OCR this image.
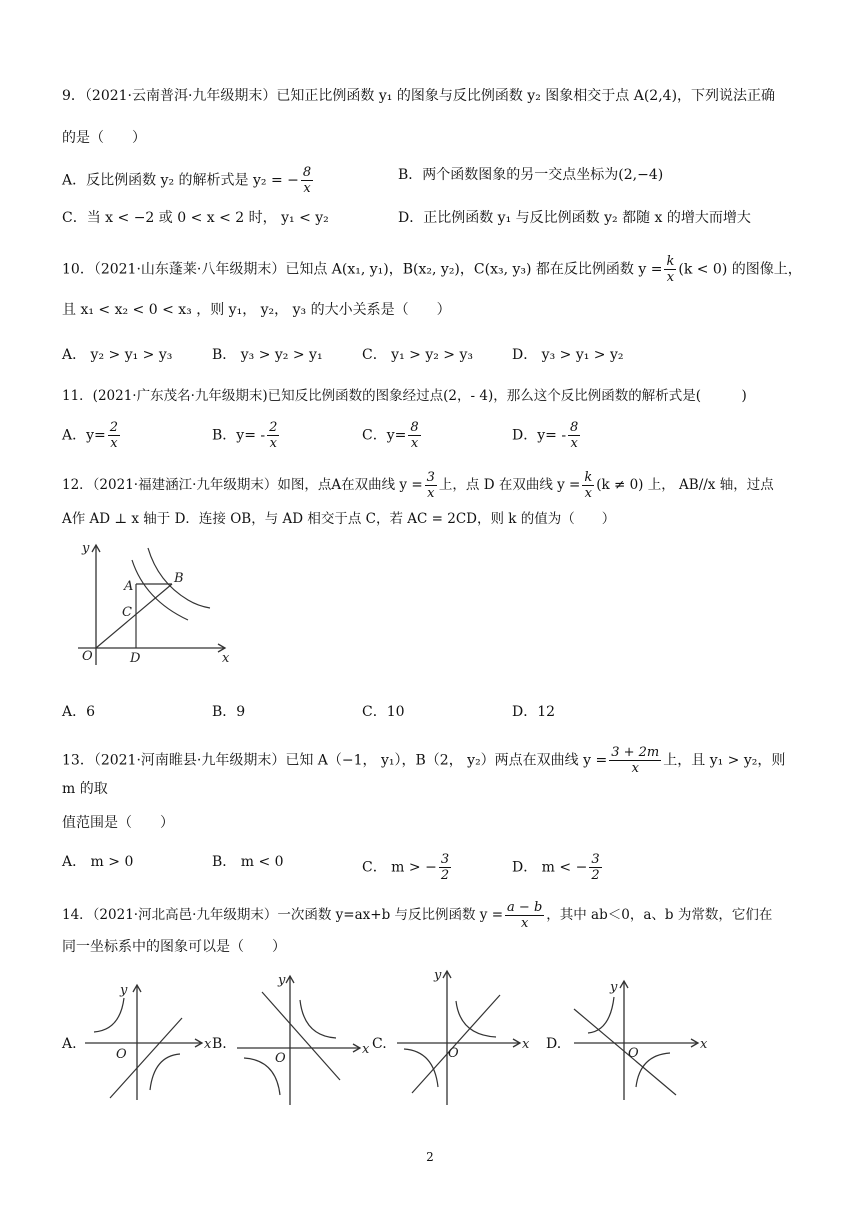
9．（2021·云南普洱·九年级期末）已知正比例函数 y₁ 的图象与反比例函数 y₂ 图象相交于点 A(2,4)，下列说法正确
的是（　　）
A．反比例函数 y₂ 的解析式是 y₂ = − $\frac{8}{x}$	B．两个函数图象的另一交点坐标为(2,−4)
C．当 x < −2 或 0 < x < 2 时， y₁ < y₂	D．正比例函数 y₁ 与反比例函数 y₂ 都随 x 的增大而增大
10．（2021·山东蓬莱·八年级期末）已知点 A(x₁, y₁)，B(x₂, y₂)，C(x₃, y₃) 都在反比例函数 $y = \frac{k}{x} (k < 0)$ 的图像上，
且 x₁ < x₂ < 0 < x₃ ，则 y₁， y₂， y₃ 的大小关系是（　　）
A． y₂ > y₁ > y₃	B． y₃ > y₂ > y₁	C． y₁ > y₂ > y₃	D． y₃ > y₁ > y₂
11．(2021·广东茂名·九年级期末)已知反比例函数的图象经过点(2，- 4)，那么这个反比例函数的解析式是(　　　)
A．$y= \frac{2}{x}$	B．$y= - \frac{2}{x}$	C．$y= \frac{8}{x}$	D．$y= - \frac{8}{x}$
12．（2021·福建涵江·九年级期末）如图，点A在双曲线 $y = \frac{3}{x}$ 上，点 D 在双曲线 $y = \frac{k}{x} (k \ne 0)$ 上， AB//x 轴，过点
A作 AD ⊥ x 轴于 D．连接 OB，与 AD 相交于点 C，若 AC = 2CD，则 k 的值为（　　）
y
x
O
A
B
C
D
A．6	B．9	C．10	D．12
13．（2021·河南睢县·九年级期末）已知 A（−1， y₁），B（2， y₂）两点在双曲线 $y = \frac{3 + 2m}{x}$ 上，且 y₁ > y₂，则
m 的取
值范围是（　　）
A． m > 0	B． m < 0	C． m > − $\frac{3}{2}$	D． m < − $\frac{3}{2}$
14．（2021·河北高邑·九年级期末）一次函数 y=ax+b 与反比例函数 $y = \frac{a - b}{x}$ ，其中 ab＜0，a、b 为常数，它们在
同一坐标系中的图象可以是（　　）
A.
y
x
O
B.
y
x
O
C.
y
x
O
D.
y
x
O
2
